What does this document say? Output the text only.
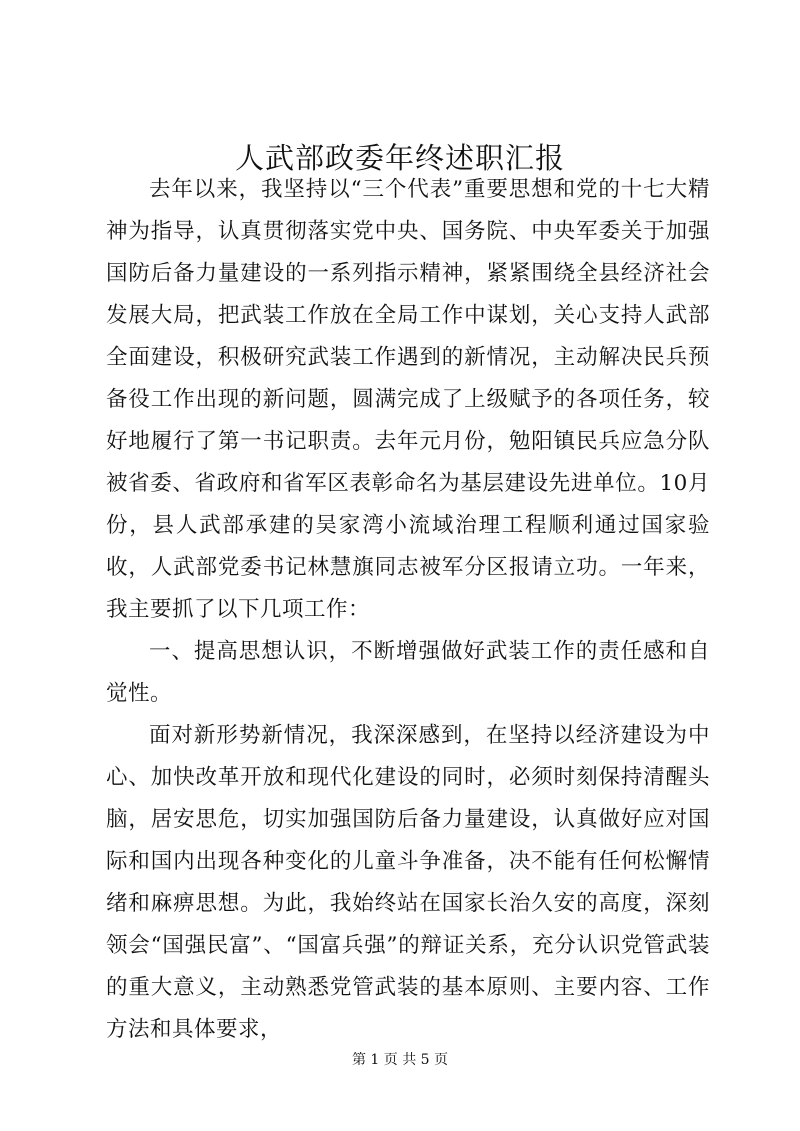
人武部政委年终述职汇报

去年以来，我坚持以“三个代表”重要思想和党的十七大精神为指导，认真贯彻落实党中央、国务院、中央军委关于加强国防后备力量建设的一系列指示精神，紧紧围绕全县经济社会发展大局，把武装工作放在全局工作中谋划，关心支持人武部全面建设，积极研究武装工作遇到的新情况，主动解决民兵预备役工作出现的新问题，圆满完成了上级赋予的各项任务，较好地履行了第一书记职责。去年元月份，勉阳镇民兵应急分队被省委、省政府和省军区表彰命名为基层建设先进单位。10月份，县人武部承建的吴家湾小流域治理工程顺利通过国家验收，人武部党委书记林慧旗同志被军分区报请立功。一年来，我主要抓了以下几项工作：

一、提高思想认识，不断增强做好武装工作的责任感和自觉性。

面对新形势新情况，我深深感到，在坚持以经济建设为中心、加快改革开放和现代化建设的同时，必须时刻保持清醒头脑，居安思危，切实加强国防后备力量建设，认真做好应对国际和国内出现各种变化的儿童斗争准备，决不能有任何松懈情绪和麻痹思想。为此，我始终站在国家长治久安的高度，深刻领会“国强民富”、“国富兵强”的辩证关系，充分认识党管武装的重大意义，主动熟悉党管武装的基本原则、主要内容、工作方法和具体要求，

第 1 页 共 5 页
